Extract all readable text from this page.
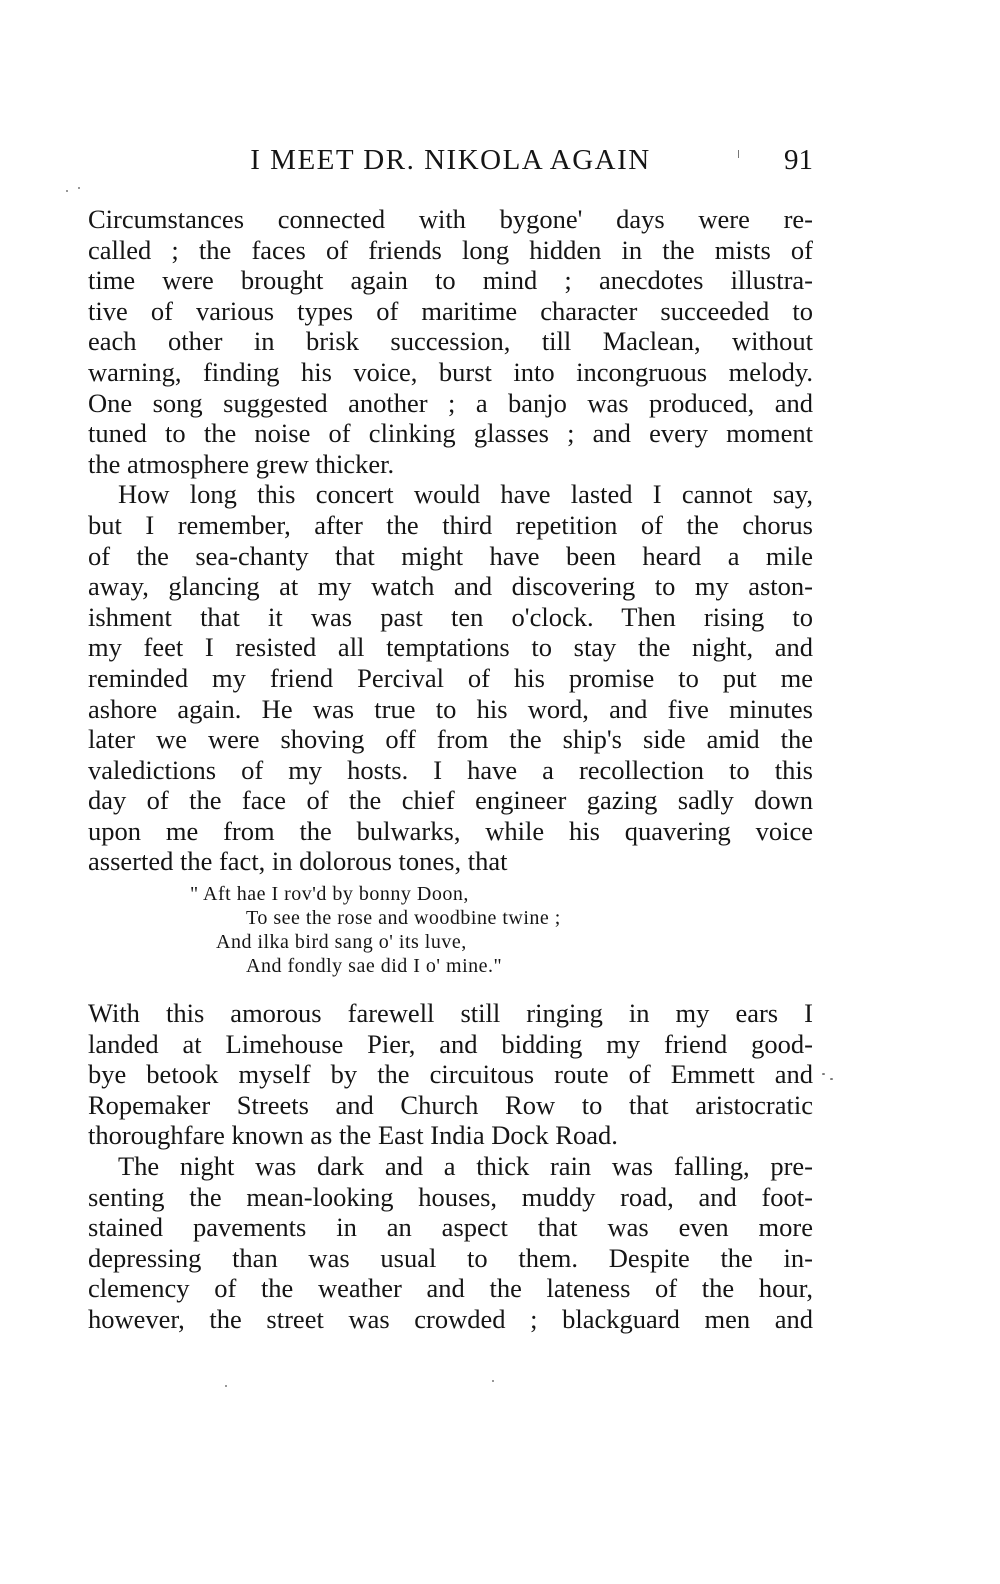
I MEET DR. NIKOLA AGAIN	91
Circumstances connected with bygone' days were re-
called ; the faces of friends long hidden in the mists of
time were brought again to mind ; anecdotes illustra-
tive of various types of maritime character succeeded to
each other in brisk succession, till Maclean, without
warning, finding his voice, burst into incongruous melody.
One song suggested another ; a banjo was produced, and
tuned to the noise of clinking glasses ; and every moment
the atmosphere grew thicker.
How long this concert would have lasted I cannot say,
but I remember, after the third repetition of the chorus
of the sea-chanty that might have been heard a mile
away, glancing at my watch and discovering to my aston-
ishment that it was past ten o'clock. Then rising to
my feet I resisted all temptations to stay the night, and
reminded my friend Percival of his promise to put me
ashore again. He was true to his word, and five minutes
later we were shoving off from the ship's side amid the
valedictions of my hosts. I have a recollection to this
day of the face of the chief engineer gazing sadly down
upon me from the bulwarks, while his quavering voice
asserted the fact, in dolorous tones, that
" Aft hae I rov'd by bonny Doon,
To see the rose and woodbine twine ;
And ilka bird sang o' its luve,
And fondly sae did I o' mine."
With this amorous farewell still ringing in my ears I
landed at Limehouse Pier, and bidding my friend good-
bye betook myself by the circuitous route of Emmett and
Ropemaker Streets and Church Row to that aristocratic
thoroughfare known as the East India Dock Road.
The night was dark and a thick rain was falling, pre-
senting the mean-looking houses, muddy road, and foot-
stained pavements in an aspect that was even more
depressing than was usual to them. Despite the in-
clemency of the weather and the lateness of the hour,
however, the street was crowded ; blackguard men and
